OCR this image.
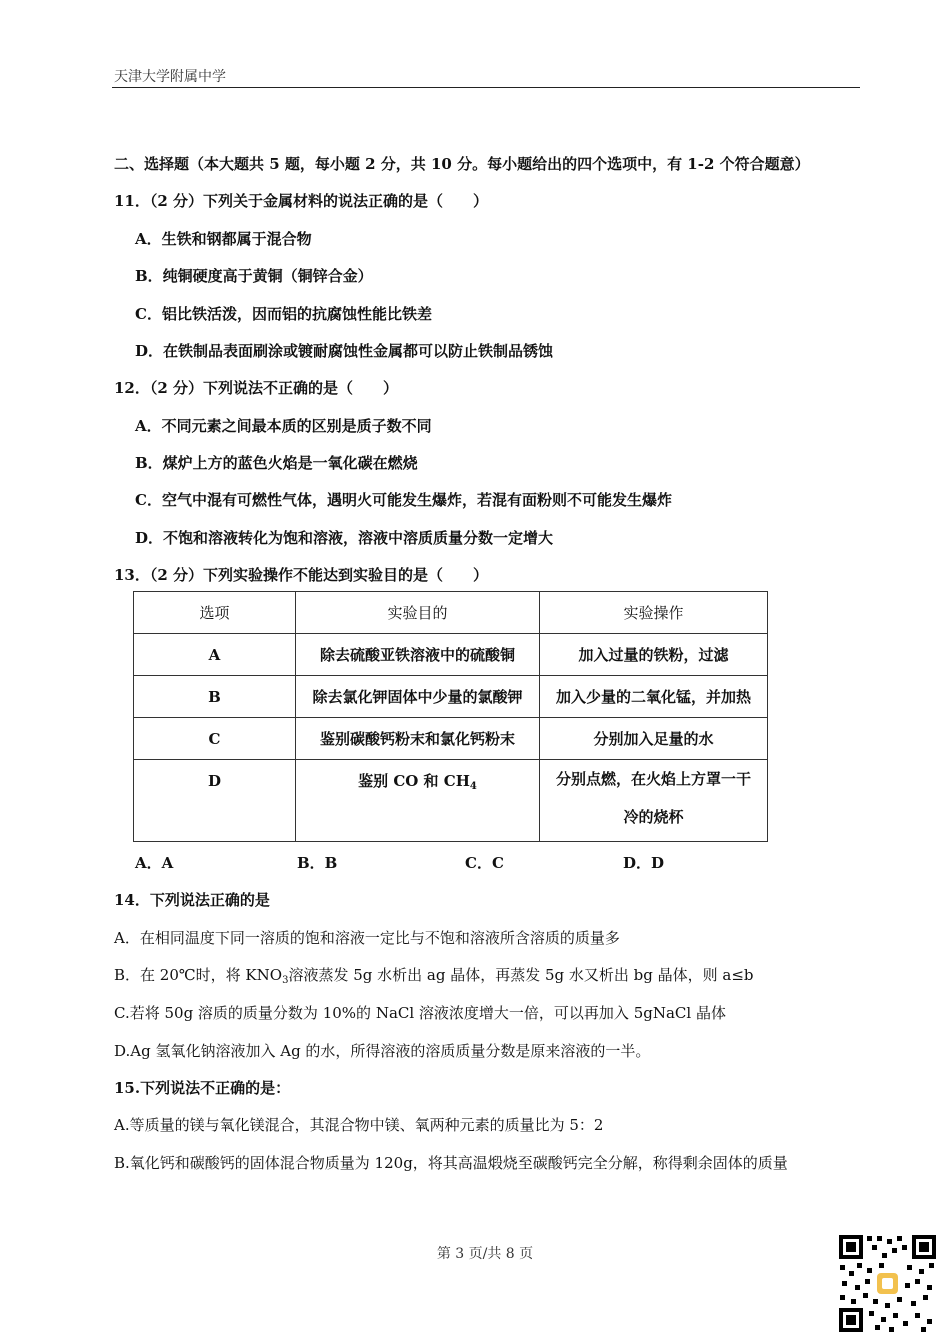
天津大学附属中学
二、选择题（本大题共 5 题，每小题 2 分，共 10 分。每小题给出的四个选项中，有 1-2 个符合题意）
11．（2 分）下列关于金属材料的说法正确的是（　　）
A．生铁和钢都属于混合物
B．纯铜硬度高于黄铜（铜锌合金）
C．铝比铁活泼，因而铝的抗腐蚀性能比铁差
D．在铁制品表面刷涂或镀耐腐蚀性金属都可以防止铁制品锈蚀
12．（2 分）下列说法不正确的是（　　）
A．不同元素之间最本质的区别是质子数不同
B．煤炉上方的蓝色火焰是一氧化碳在燃烧
C．空气中混有可燃性气体，遇明火可能发生爆炸，若混有面粉则不可能发生爆炸
D．不饱和溶液转化为饱和溶液，溶液中溶质质量分数一定增大
13．（2 分）下列实验操作不能达到实验目的是（　　）
选项	实验目的	实验操作
A	除去硫酸亚铁溶液中的硫酸铜	加入过量的铁粉，过滤
B	除去氯化钾固体中少量的氯酸钾	加入少量的二氧化锰，并加热
C	鉴别碳酸钙粉末和氯化钙粉末	分别加入足量的水
D	鉴别 CO 和 $CH_4$	分别点燃，在火焰上方罩一干
冷的烧杯
A．A	B．B	C．C	D．D
14．下列说法正确的是
A．在相同温度下同一溶质的饱和溶液一定比与不饱和溶液所含溶质的质量多
B．在 20℃时，将 $KNO_3$溶液蒸发 5g 水析出 ag 晶体，再蒸发 5g 水又析出 bg 晶体，则 a≤b
C.若将 50g 溶质的质量分数为 10%的 NaCl 溶液浓度增大一倍，可以再加入 5gNaCl 晶体
D.Ag 氢氧化钠溶液加入 Ag 的水，所得溶液的溶质质量分数是原来溶液的一半。
15.下列说法不正确的是：
A.等质量的镁与氧化镁混合，其混合物中镁、氧两种元素的质量比为 5：2
B.氧化钙和碳酸钙的固体混合物质量为 120g，将其高温煅烧至碳酸钙完全分解，称得剩余固体的质量
第 3 页/共 8 页
